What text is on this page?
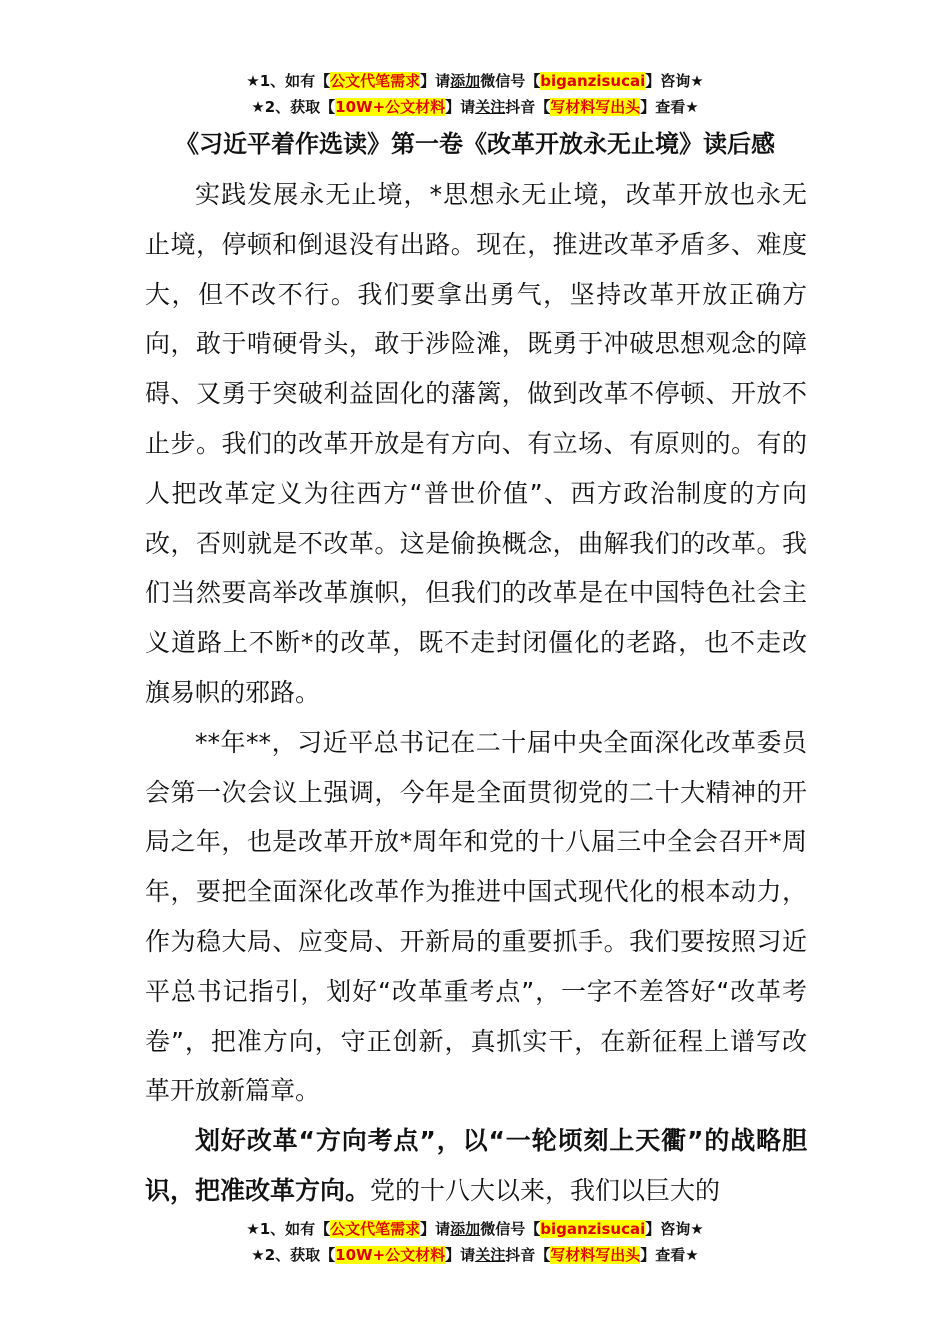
★1、如有【公文代笔需求】请添加微信号【biganzisucai】咨询★
★2、获取【10W+公文材料】请关注抖音【写材料写出头】查看★
《习近平着作选读》第一卷《改革开放永无止境》读后感

实践发展永无止境，*思想永无止境，改革开放也永无止境，停顿和倒退没有出路。现在，推进改革矛盾多、难度大，但不改不行。我们要拿出勇气，坚持改革开放正确方向，敢于啃硬骨头，敢于涉险滩，既勇于冲破思想观念的障碍、又勇于突破利益固化的藩篱，做到改革不停顿、开放不止步。我们的改革开放是有方向、有立场、有原则的。有的人把改革定义为往西方“普世价值”、西方政治制度的方向改，否则就是不改革。这是偷换概念，曲解我们的改革。我们当然要高举改革旗帜，但我们的改革是在中国特色社会主义道路上不断*的改革，既不走封闭僵化的老路，也不走改旗易帜的邪路。

**年**，习近平总书记在二十届中央全面深化改革委员会第一次会议上强调，今年是全面贯彻党的二十大精神的开局之年，也是改革开放*周年和党的十八届三中全会召开*周年，要把全面深化改革作为推进中国式现代化的根本动力，作为稳大局、应变局、开新局的重要抓手。我们要按照习近平总书记指引，划好“改革重考点”，一字不差答好“改革考卷”，把准方向，守正创新，真抓实干，在新征程上谱写改革开放新篇章。

划好改革“方向考点”，以“一轮顷刻上天衢”的战略胆识，把准改革方向。党的十八大以来，我们以巨大的

★1、如有【公文代笔需求】请添加微信号【biganzisucai】咨询★
★2、获取【10W+公文材料】请关注抖音【写材料写出头】查看★
